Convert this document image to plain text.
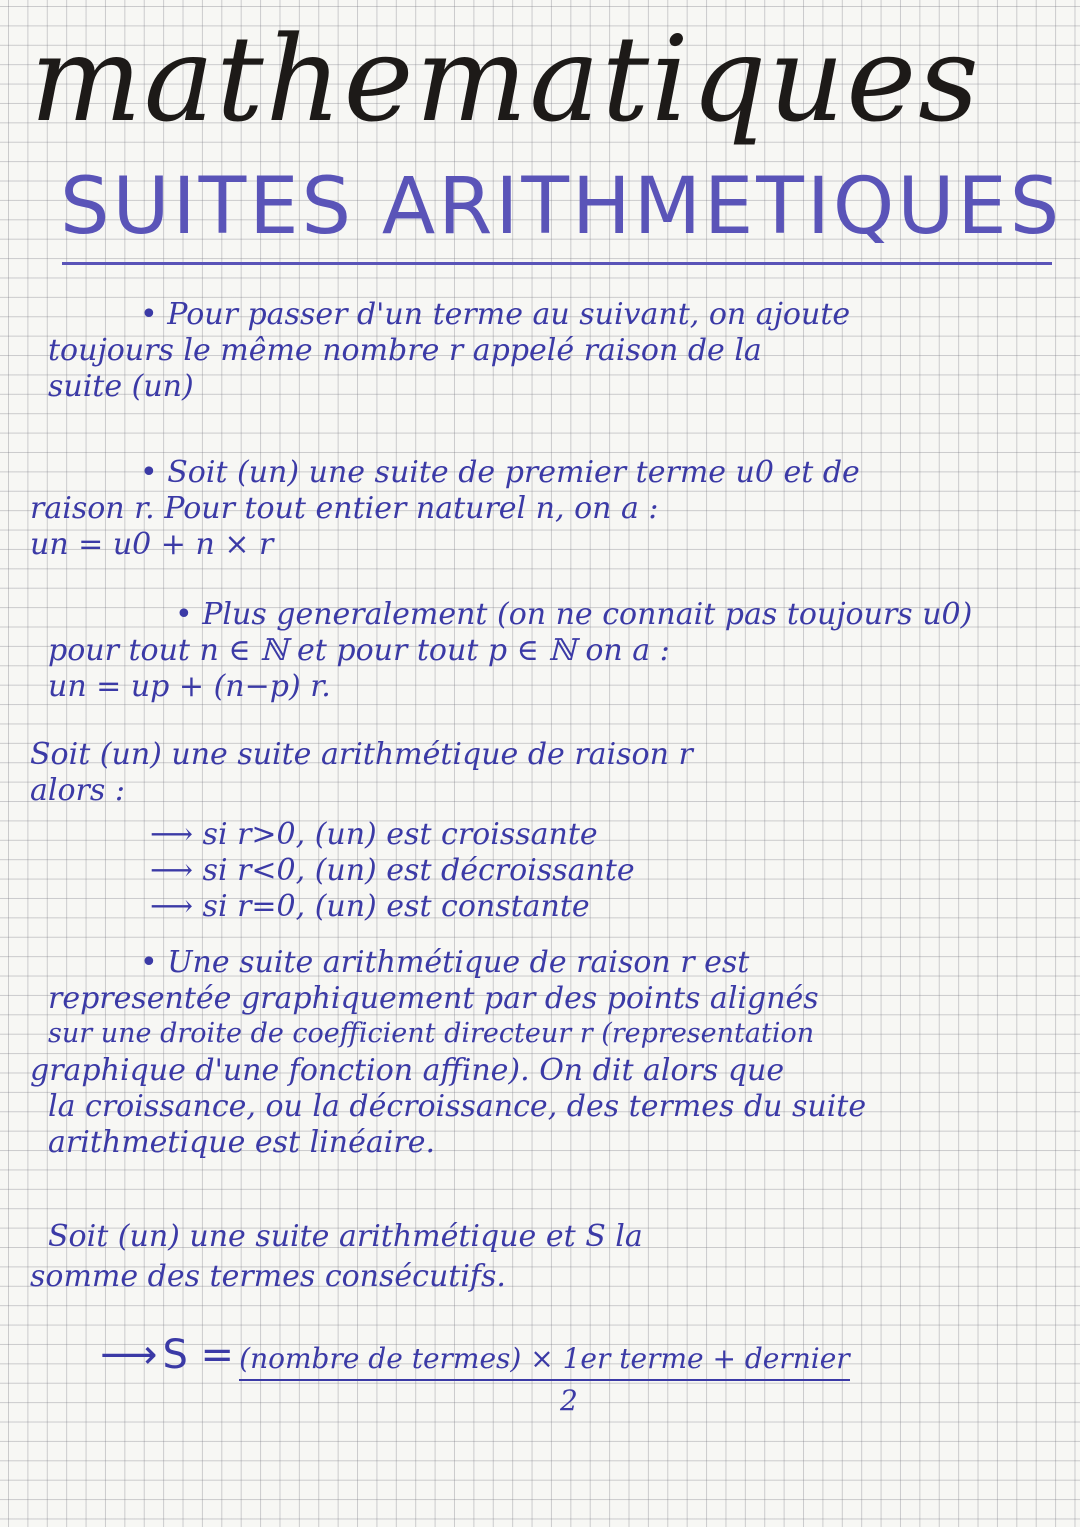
mathematiques
SUITES ARITHMETIQUES
• Pour passer d'un terme au suivant, on ajoute
toujours le même nombre r appelé raison de la
suite (un)
• Soit (un) une suite de premier terme u0 et de
raison r. Pour tout entier naturel n, on a :
un = u0 + n × r
• Plus generalement (on ne connait pas toujours u0)
pour tout n ∈ ℕ et pour tout p ∈ ℕ on a :
un = up + (n−p) r.
Soit (un) une suite arithmétique de raison r
alors :
⟶ si r>0, (un) est croissante
⟶ si r<0, (un) est décroissante
⟶ si r=0, (un) est constante
• Une suite arithmétique de raison r est
representée graphiquement par des points alignés
sur une droite de coefficient directeur r (representation
graphique d'une fonction affine). On dit alors que
la croissance, ou la décroissance, des termes du suite
arithmetique est linéaire.
Soit (un) une suite arithmétique et S la
somme des termes consécutifs.
⟶ S = (nombre de termes) × 1er terme + dernier
2
